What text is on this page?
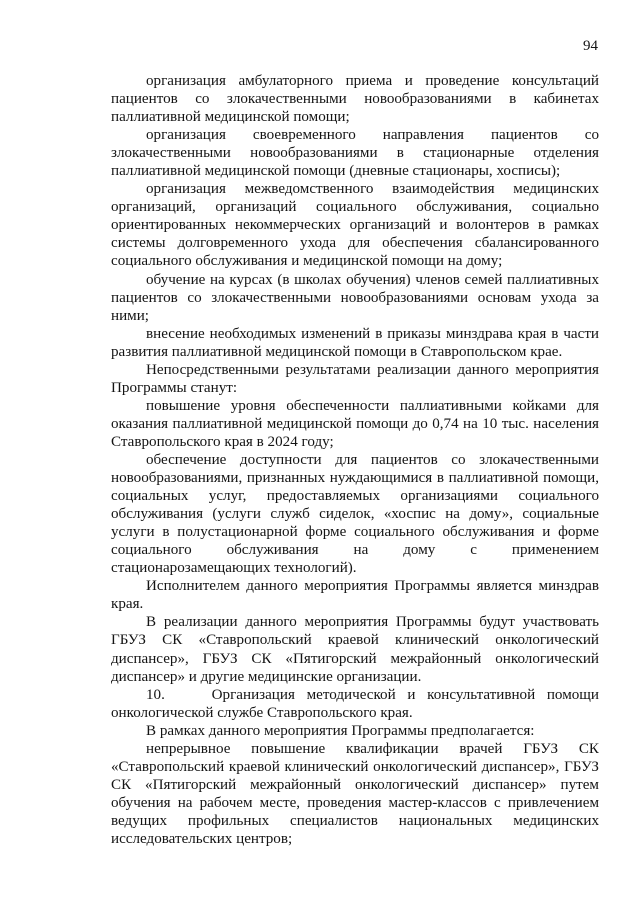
94

организация амбулаторного приема и проведение консультаций пациентов со злокачественными новообразованиями в кабинетах паллиативной медицинской помощи;

организация своевременного направления пациентов со злокачественными новообразованиями в стационарные отделения паллиативной медицинской помощи (дневные стационары, хосписы);

организация межведомственного взаимодействия медицинских организаций, организаций социального обслуживания, социально ориентированных некоммерческих организаций и волонтеров в рамках системы долговременного ухода для обеспечения сбалансированного социального обслуживания и медицинской помощи на дому;

обучение на курсах (в школах обучения) членов семей паллиативных пациентов со злокачественными новообразованиями основам ухода за ними;

внесение необходимых изменений в приказы минздрава края в части развития паллиативной медицинской помощи в Ставропольском крае.

Непосредственными результатами реализации данного мероприятия Программы станут:

повышение уровня обеспеченности паллиативными койками для оказания паллиативной медицинской помощи до 0,74 на 10 тыс. населения Ставропольского края в 2024 году;

обеспечение доступности для пациентов со злокачественными новообразованиями, признанных нуждающимися в паллиативной помощи, социальных услуг, предоставляемых организациями социального обслуживания (услуги служб сиделок, «хоспис на дому», социальные услуги в полустационарной форме социального обслуживания и форме социального обслуживания на дому с применением стационарозамещающих технологий).

Исполнителем данного мероприятия Программы является минздрав края.

В реализации данного мероприятия Программы будут участвовать ГБУЗ СК «Ставропольский краевой клинический онкологический диспансер», ГБУЗ СК «Пятигорский межрайонный онкологический диспансер» и другие медицинские организации.

10.    Организация методической и консультативной помощи онкологической службе Ставропольского края.

В рамках данного мероприятия Программы предполагается:

непрерывное повышение квалификации врачей ГБУЗ СК «Ставропольский краевой клинический онкологический диспансер», ГБУЗ СК «Пятигорский межрайонный онкологический диспансер» путем обучения на рабочем месте, проведения мастер-классов с привлечением ведущих профильных специалистов национальных медицинских исследовательских центров;
